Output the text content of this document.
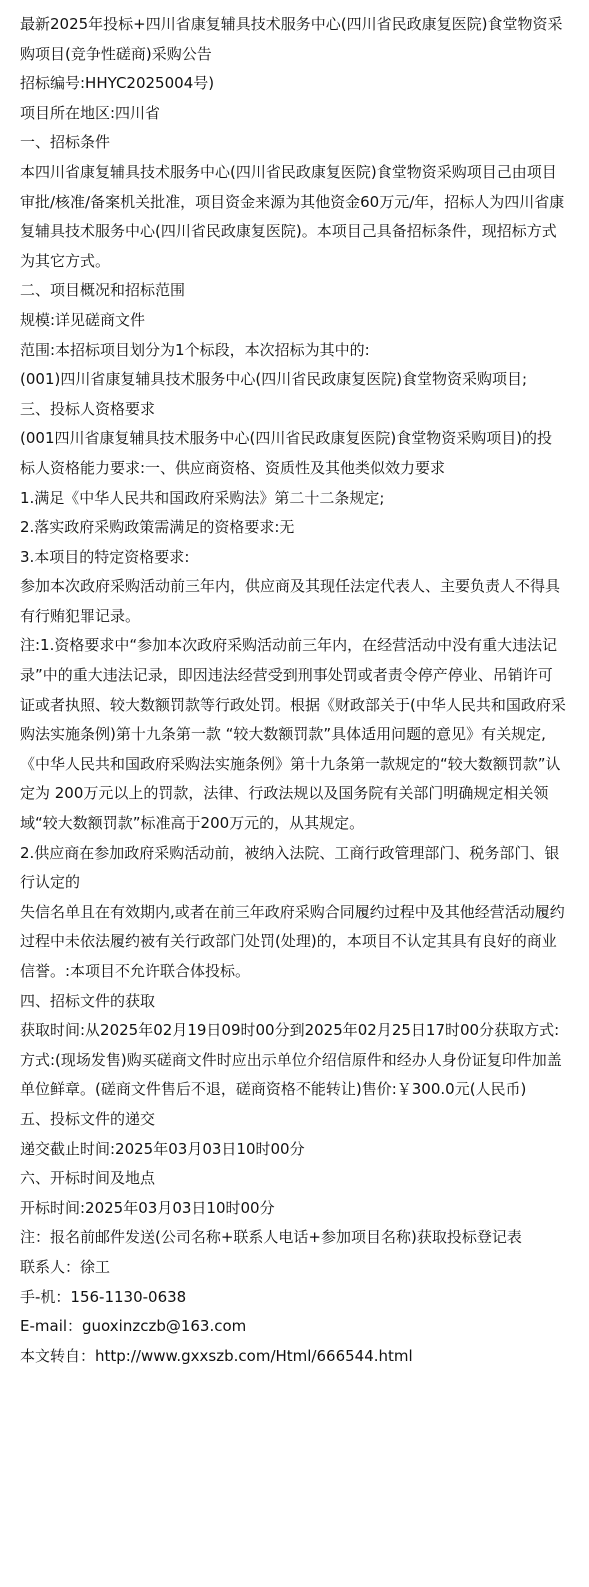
最新2025年投标+四川省康复辅具技术服务中心(四川省民政康复医院)食堂物资采购项目(竞争性磋商)采购公告

招标编号:HHYC2025004号)

项目所在地区:四川省

一、招标条件

本四川省康复辅具技术服务中心(四川省民政康复医院)食堂物资采购项目己由项目审批/核准/备案机关批准，项目资金来源为其他资金60万元/年，招标人为四川省康复辅具技术服务中心(四川省民政康复医院)。本项目己具备招标条件，现招标方式为其它方式。

二、项目概况和招标范围

规模:详见磋商文件

范围:本招标项目划分为1个标段，本次招标为其中的:

(001)四川省康复辅具技术服务中心(四川省民政康复医院)食堂物资采购项目;

三、投标人资格要求

(001四川省康复辅具技术服务中心(四川省民政康复医院)食堂物资采购项目)的投标人资格能力要求:一、供应商资格、资质性及其他类似效力要求

1.满足《中华人民共和国政府采购法》第二十二条规定;

2.落实政府采购政策需满足的资格要求:无

3.本项目的特定资格要求:

参加本次政府采购活动前三年内，供应商及其现任法定代表人、主要负责人不得具有行贿犯罪记录。

注:1.资格要求中“参加本次政府采购活动前三年内，在经营活动中没有重大违法记录”中的重大违法记录，即因违法经营受到刑事处罚或者责令停产停业、吊销许可证或者执照、较大数额罚款等行政处罚。根据《财政部关于(中华人民共和国政府采购法实施条例)第十九条第一款 “较大数额罚款”具体适用问题的意见》有关规定,《中华人民共和国政府采购法实施条例》第十九条第一款规定的“较大数额罚款”认定为 200万元以上的罚款，法律、行政法规以及国务院有关部门明确规定相关领域“较大数额罚款”标准高于200万元的，从其规定。

2.供应商在参加政府采购活动前，被纳入法院、工商行政管理部门、税务部门、银行认定的

失信名单且在有效期内,或者在前三年政府采购合同履约过程中及其他经营活动履约过程中未依法履约被有关行政部门处罚(处理)的，本项目不认定其具有良好的商业信誉。:本项目不允许联合体投标。

四、招标文件的获取

获取时间:从2025年02月19日09时00分到2025年02月25日17时00分获取方式:方式:(现场发售)购买磋商文件时应出示单位介绍信原件和经办人身份证复印件加盖单位鲜章。(磋商文件售后不退，磋商资格不能转让)售价:￥300.0元(人民币)

五、投标文件的递交

递交截止时间:2025年03月03日10时00分

六、开标时间及地点

开标时间:2025年03月03日10时00分

注：报名前邮件发送(公司名称+联系人电话+参加项目名称)获取投标登记表

联系人：徐工

手-机：156-1130-0638

E-mail：guoxinzczb@163.com

本文转自：http://www.gxxszb.com/Html/666544.html
